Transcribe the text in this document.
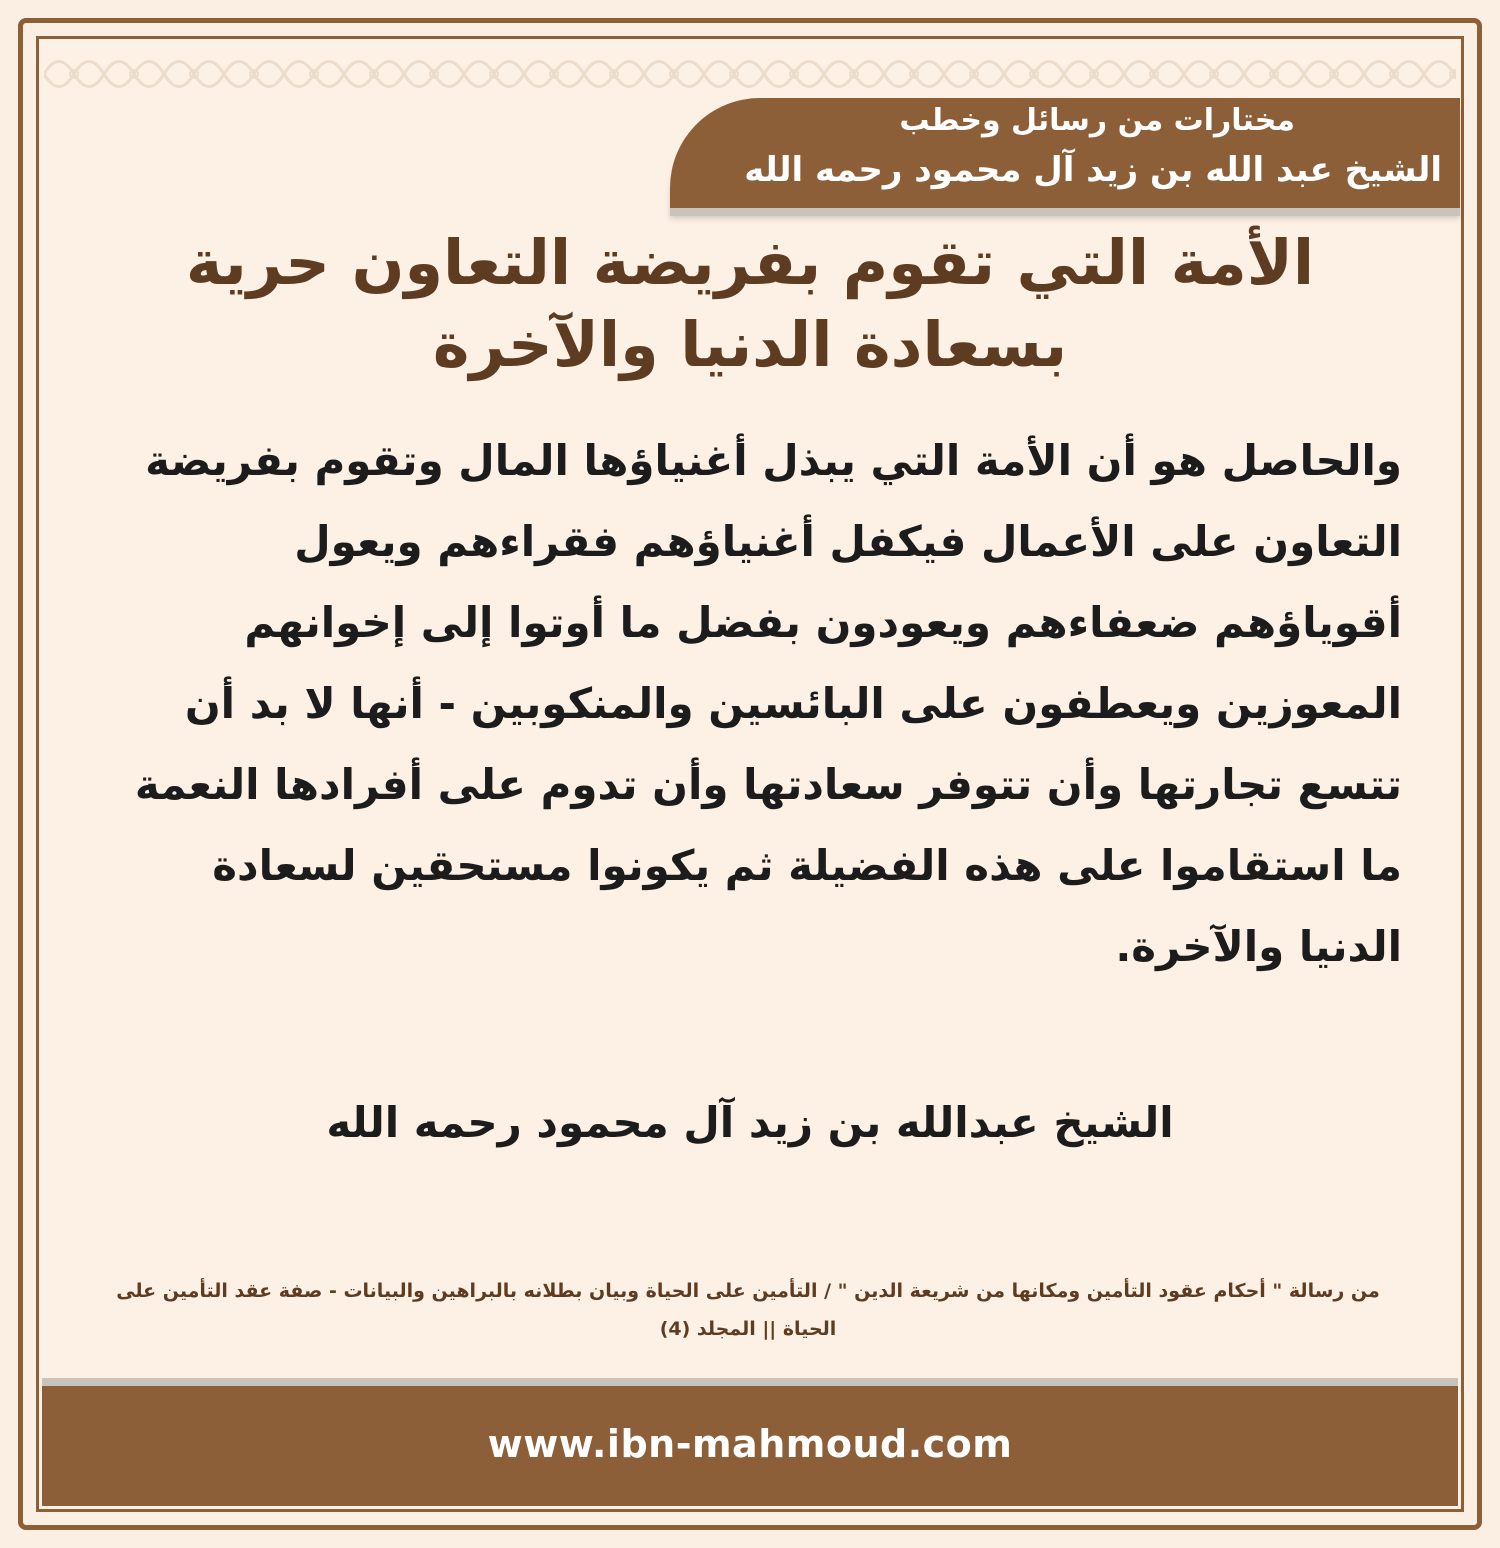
مختارات من رسائل وخطب
الشيخ عبد الله بن زيد آل محمود رحمه الله
الأمة التي تقوم بفريضة التعاون حرية بسعادة الدنيا والآخرة

والحاصل هو أن الأمة التي يبذل أغنياؤها المال وتقوم بفريضة التعاون على الأعمال فيكفل أغنياؤهم فقراءهم ويعول أقوياؤهم ضعفاءهم ويعودون بفضل ما أوتوا إلى إخوانهم المعوزين ويعطفون على البائسين والمنكوبين - أنها لا بد أن تتسع تجارتها وأن تتوفر سعادتها وأن تدوم على أفرادها النعمة ما استقاموا على هذه الفضيلة ثم يكونوا مستحقين لسعادة الدنيا والآخرة.

الشيخ عبدالله بن زيد آل محمود رحمه الله

من رسالة " أحكام عقود التأمين ومكانها من شريعة الدين " / التأمين على الحياة وبيان بطلانه بالبراهين والبيانات - صفة عقد التأمين على الحياة || المجلد (4)

www.ibn-mahmoud.com
